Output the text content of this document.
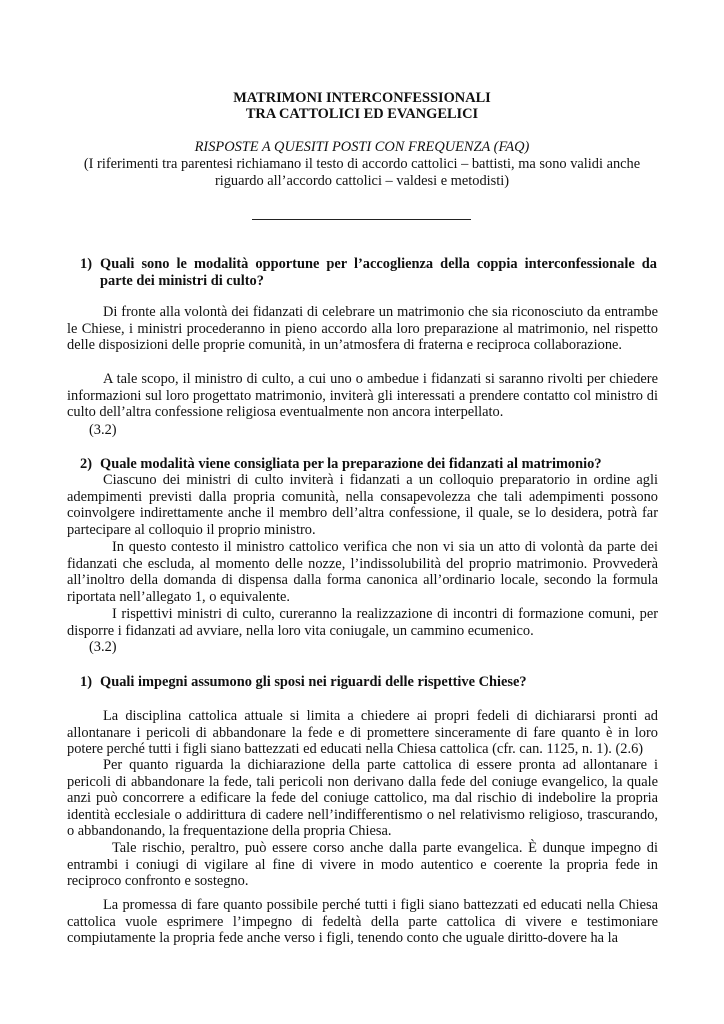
MATRIMONI INTERCONFESSIONALI
TRA CATTOLICI ED EVANGELICI
RISPOSTE A QUESITI POSTI CON FREQUENZA (FAQ)
(I riferimenti tra parentesi richiamano il testo di accordo cattolici – battisti, ma sono validi anche riguardo all’accordo cattolici – valdesi e metodisti)
1) Quali sono le modalità opportune per l’accoglienza della coppia interconfessionale da parte dei ministri di culto?

Di fronte alla volontà dei fidanzati di celebrare un matrimonio che sia riconosciuto da entrambe le Chiese, i ministri procederanno in pieno accordo alla loro preparazione al matrimonio, nel rispetto delle disposizioni delle proprie comunità, in un’atmosfera di fraterna e reciproca collaborazione.

A tale scopo, il ministro di culto, a cui uno o ambedue i fidanzati si saranno rivolti per chiedere informazioni sul loro progettato matrimonio, inviterà gli interessati a prendere contatto col ministro di culto dell’altra confessione religiosa eventualmente non ancora interpellato.

(3.2)
2) Quale modalità viene consigliata per la preparazione dei fidanzati al matrimonio?

Ciascuno dei ministri di culto inviterà i fidanzati a un colloquio preparatorio in ordine agli adempimenti previsti dalla propria comunità, nella consapevolezza che tali adempimenti possono coinvolgere indirettamente anche il membro dell’altra confessione, il quale, se lo desidera, potrà far partecipare al colloquio il proprio ministro.

In questo contesto il ministro cattolico verifica che non vi sia un atto di volontà da parte dei fidanzati che escluda, al momento delle nozze, l’indissolubilità del proprio matrimonio. Provvederà all’inoltro della domanda di dispensa dalla forma canonica all’ordinario locale, secondo la formula riportata nell’allegato 1, o equivalente.

I rispettivi ministri di culto, cureranno la realizzazione di incontri di formazione comuni, per disporre i fidanzati ad avviare, nella loro vita coniugale, un cammino ecumenico.

(3.2)
1) Quali impegni assumono gli sposi nei riguardi delle rispettive Chiese?

La disciplina cattolica attuale si limita a chiedere ai propri fedeli di dichiararsi pronti ad allontanare i pericoli di abbandonare la fede e di promettere sinceramente di fare quanto è in loro potere perché tutti i figli siano battezzati ed educati nella Chiesa cattolica (cfr. can. 1125, n. 1). (2.6)

Per quanto riguarda la dichiarazione della parte cattolica di essere pronta ad allontanare i pericoli di abbandonare la fede, tali pericoli non derivano dalla fede del coniuge evangelico, la quale anzi può concorrere a edificare la fede del coniuge cattolico, ma dal rischio di indebolire la propria identità ecclesiale o addirittura di cadere nell’indifferentismo o nel relativismo religioso, trascurando, o abbandonando, la frequentazione della propria Chiesa.

Tale rischio, peraltro, può essere corso anche dalla parte evangelica. È dunque impegno di entrambi i coniugi di vigilare al fine di vivere in modo autentico e coerente la propria fede in reciproco confronto e sostegno.

La promessa di fare quanto possibile perché tutti i figli siano battezzati ed educati nella Chiesa cattolica vuole esprimere l’impegno di fedeltà della parte cattolica di vivere e testimoniare compiutamente la propria fede anche verso i figli, tenendo conto che uguale diritto-dovere ha la
